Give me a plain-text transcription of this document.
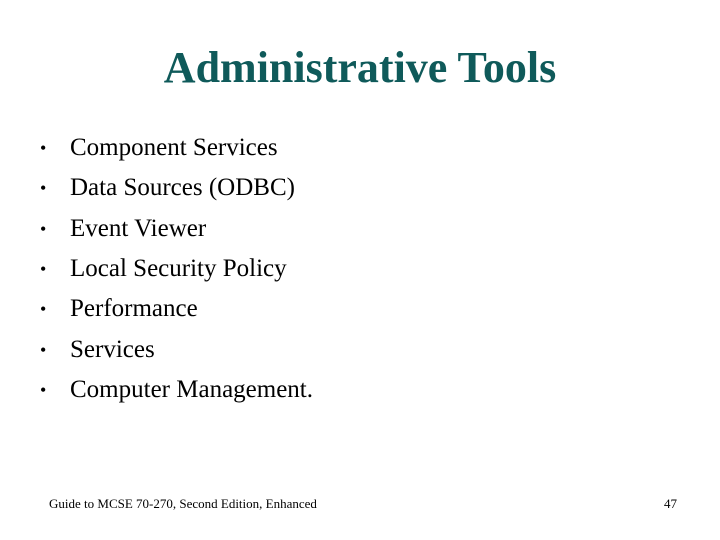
Administrative Tools
• Component Services
• Data Sources (ODBC)
• Event Viewer
• Local Security Policy
• Performance
• Services
• Computer Management.
Guide to MCSE 70-270, Second Edition, Enhanced	47
